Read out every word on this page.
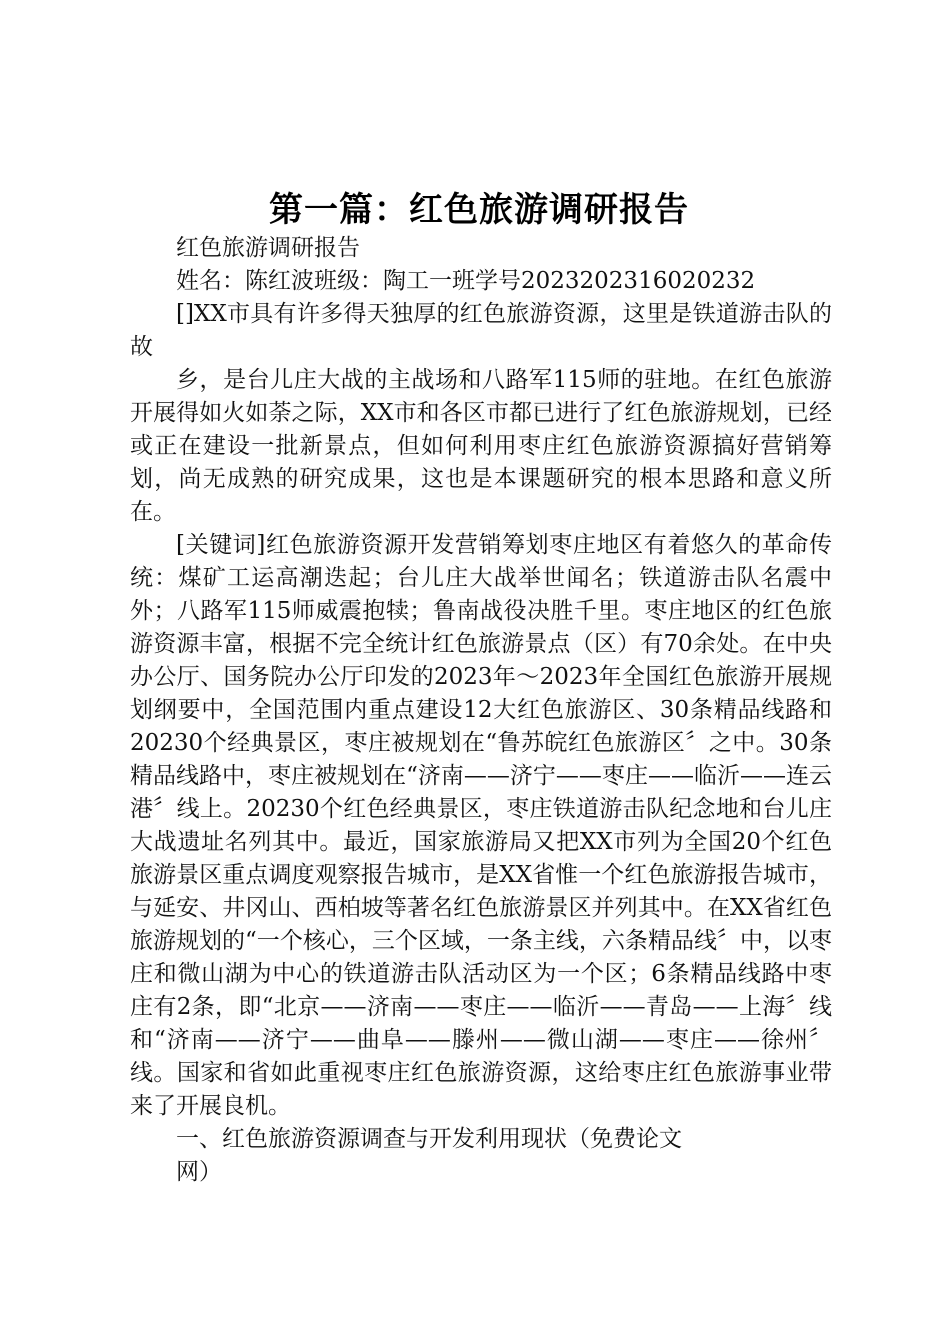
第一篇：红色旅游调研报告

红色旅游调研报告

姓名：陈红波班级：陶工一班学号2023202316020232

[]XX市具有许多得天独厚的红色旅游资源，这里是铁道游击队的故

乡，是台儿庄大战的主战场和八路军115师的驻地。在红色旅游开展得如火如荼之际，XX市和各区市都已进行了红色旅游规划，已经或正在建设一批新景点，但如何利用枣庄红色旅游资源搞好营销筹划，尚无成熟的研究成果，这也是本课题研究的根本思路和意义所在。

[关键词]红色旅游资源开发营销筹划枣庄地区有着悠久的革命传统：煤矿工运高潮迭起；台儿庄大战举世闻名；铁道游击队名震中外；八路军115师威震抱犊；鲁南战役决胜千里。枣庄地区的红色旅游资源丰富，根据不完全统计红色旅游景点（区）有70余处。在中央办公厅、国务院办公厅印发的2023年～2023年全国红色旅游开展规划纲要中，全国范围内重点建设12大红色旅游区、30条精品线路和20230个经典景区，枣庄被规划在“鲁苏皖红色旅游区〞之中。30条精品线路中，枣庄被规划在“济南——济宁——枣庄——临沂——连云港〞线上。20230个红色经典景区，枣庄铁道游击队纪念地和台儿庄大战遗址名列其中。最近，国家旅游局又把XX市列为全国20个红色旅游景区重点调度观察报告城市，是XX省惟一个红色旅游报告城市，与延安、井冈山、西柏坡等著名红色旅游景区并列其中。在XX省红色旅游规划的“一个核心，三个区域，一条主线，六条精品线〞中，以枣庄和微山湖为中心的铁道游击队活动区为一个区；6条精品线路中枣庄有2条，即“北京——济南——枣庄——临沂——青岛——上海〞线和“济南——济宁——曲阜——滕州——微山湖——枣庄——徐州〞线。国家和省如此重视枣庄红色旅游资源，这给枣庄红色旅游事业带来了开展良机。

一、红色旅游资源调查与开发利用现状（免费论文

网）
